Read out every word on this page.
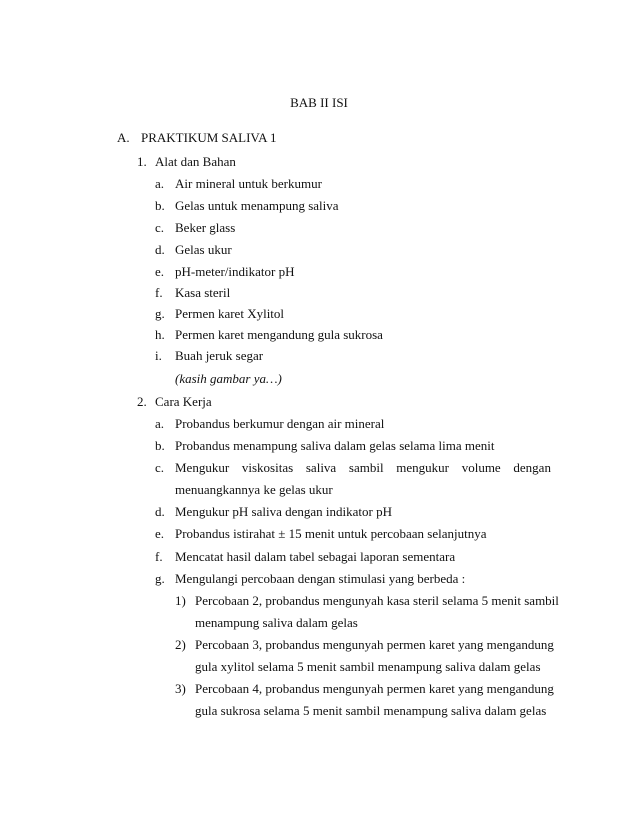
BAB II ISI
A. PRAKTIKUM SALIVA 1
1. Alat dan Bahan
a. Air mineral untuk berkumur
b. Gelas untuk menampung saliva
c. Beker glass
d. Gelas ukur
e. pH-meter/indikator pH
f. Kasa steril
g. Permen karet Xylitol
h. Permen karet mengandung gula sukrosa
i. Buah jeruk segar
(kasih gambar ya…)
2. Cara Kerja
a. Probandus berkumur dengan air mineral
b. Probandus menampung saliva dalam gelas selama lima menit
c. Mengukur viskositas saliva sambil mengukur volume dengan
menuangkannya ke gelas ukur
d. Mengukur pH saliva dengan indikator pH
e. Probandus istirahat ± 15 menit untuk percobaan selanjutnya
f. Mencatat hasil dalam tabel sebagai laporan sementara
g. Mengulangi percobaan dengan stimulasi yang berbeda :
1) Percobaan 2, probandus mengunyah kasa steril selama 5 menit sambil
menampung saliva dalam gelas
2) Percobaan 3, probandus mengunyah permen karet yang mengandung
gula xylitol selama 5 menit sambil menampung saliva dalam gelas
3) Percobaan 4, probandus mengunyah permen karet yang mengandung
gula sukrosa selama 5 menit sambil menampung saliva dalam gelas
